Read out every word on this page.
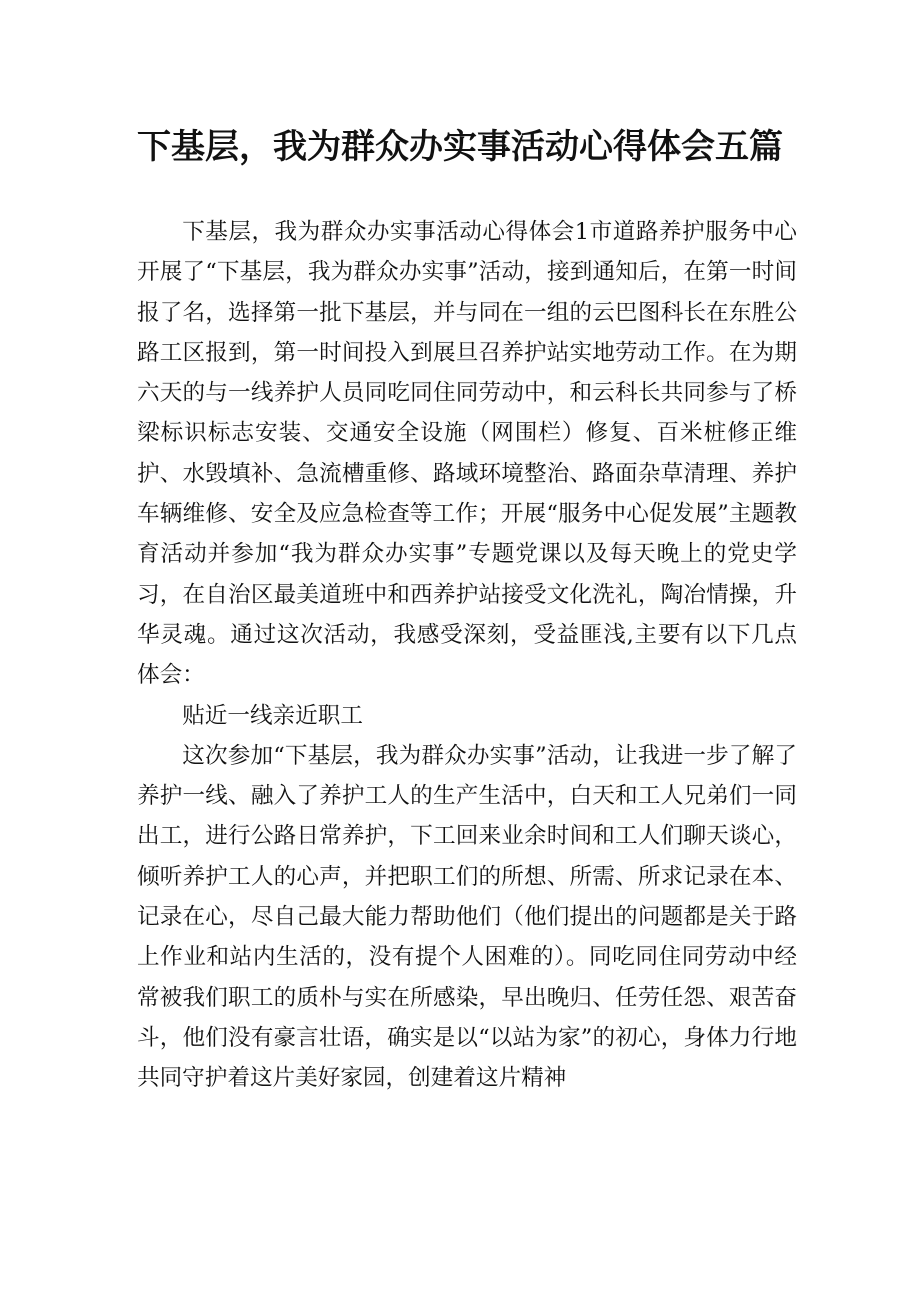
下基层，我为群众办实事活动心得体会五篇

下基层，我为群众办实事活动心得体会1市道路养护服务中心开展了“下基层，我为群众办实事”活动，接到通知后，在第一时间报了名，选择第一批下基层，并与同在一组的云巴图科长在东胜公路工区报到，第一时间投入到展旦召养护站实地劳动工作。在为期六天的与一线养护人员同吃同住同劳动中，和云科长共同参与了桥梁标识标志安装、交通安全设施（网围栏）修复、百米桩修正维护、水毁填补、急流槽重修、路域环境整治、路面杂草清理、养护车辆维修、安全及应急检查等工作；开展“服务中心促发展”主题教育活动并参加“我为群众办实事”专题党课以及每天晚上的党史学习，在自治区最美道班中和西养护站接受文化洗礼，陶冶情操，升华灵魂。通过这次活动，我感受深刻，受益匪浅,主要有以下几点体会：

贴近一线亲近职工

这次参加“下基层，我为群众办实事”活动，让我进一步了解了养护一线、融入了养护工人的生产生活中，白天和工人兄弟们一同出工，进行公路日常养护，下工回来业余时间和工人们聊天谈心，倾听养护工人的心声，并把职工们的所想、所需、所求记录在本、记录在心，尽自己最大能力帮助他们（他们提出的问题都是关于路上作业和站内生活的，没有提个人困难的）。同吃同住同劳动中经常被我们职工的质朴与实在所感染，早出晚归、任劳任怨、艰苦奋斗，他们没有豪言壮语，确实是以“以站为家”的初心，身体力行地共同守护着这片美好家园，创建着这片精神
